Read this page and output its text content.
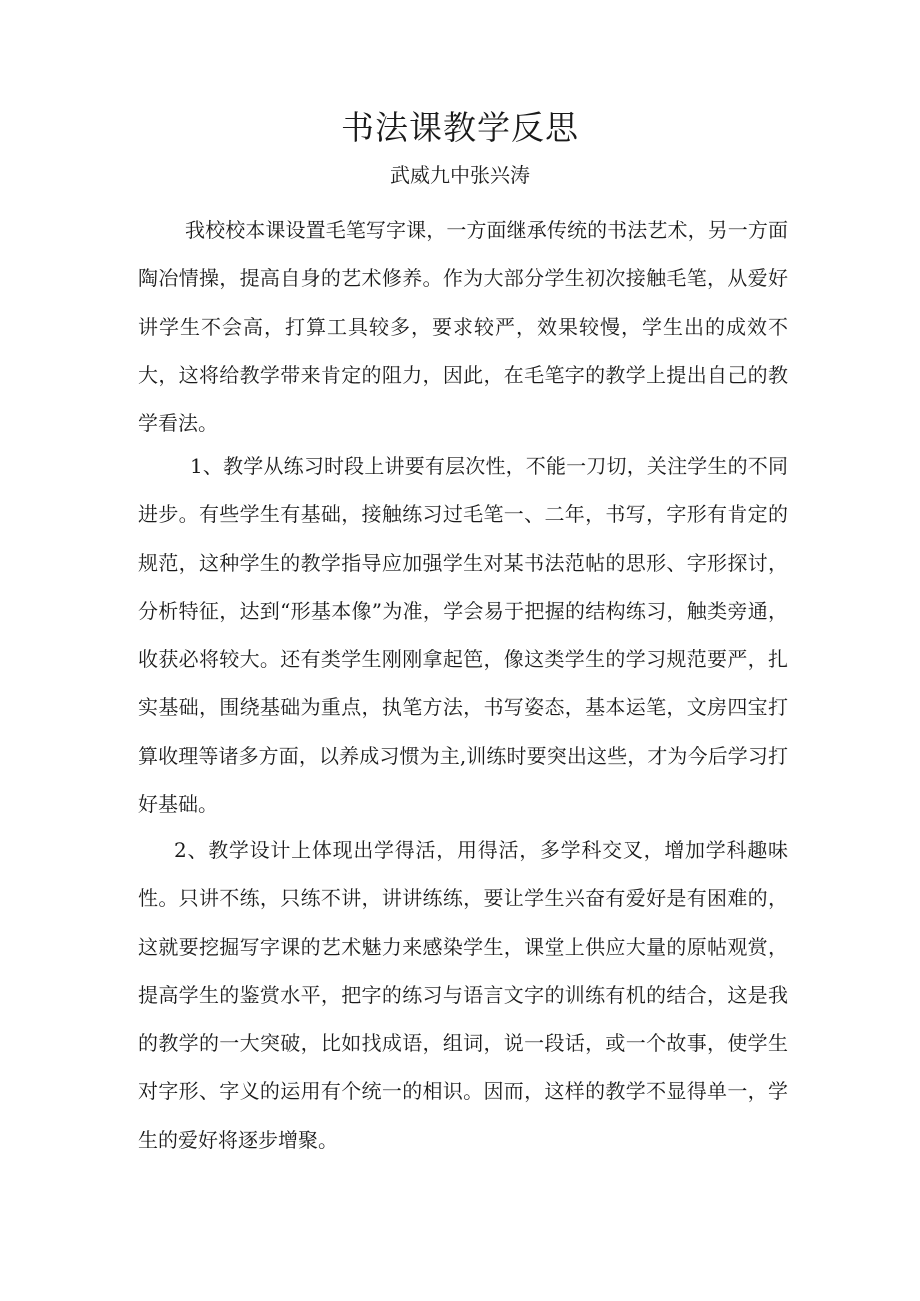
书法课教学反思

武威九中张兴涛

我校校本课设置毛笔写字课，一方面继承传统的书法艺术，另一方面陶冶情操，提高自身的艺术修养。作为大部分学生初次接触毛笔，从爱好讲学生不会高，打算工具较多，要求较严，效果较慢，学生出的成效不大，这将给教学带来肯定的阻力，因此，在毛笔字的教学上提出自己的教学看法。

1、教学从练习时段上讲要有层次性，不能一刀切，关注学生的不同进步。有些学生有基础，接触练习过毛笔一、二年，书写，字形有肯定的规范，这种学生的教学指导应加强学生对某书法范帖的思形、字形探讨，分析特征，达到“形基本像”为准，学会易于把握的结构练习，触类旁通，收获必将较大。还有类学生刚刚拿起笆，像这类学生的学习规范要严，扎实基础，围绕基础为重点，执笔方法，书写姿态，基本运笔，文房四宝打算收理等诸多方面，以养成习惯为主,训练时要突出这些，才为今后学习打好基础。

2、教学设计上体现出学得活，用得活，多学科交叉，增加学科趣味性。只讲不练，只练不讲，讲讲练练，要让学生兴奋有爱好是有困难的，这就要挖掘写字课的艺术魅力来感染学生，课堂上供应大量的原帖观赏，提高学生的鉴赏水平，把字的练习与语言文字的训练有机的结合，这是我的教学的一大突破，比如找成语，组词，说一段话，或一个故事，使学生对字形、字义的运用有个统一的相识。因而，这样的教学不显得单一，学生的爱好将逐步增聚。
